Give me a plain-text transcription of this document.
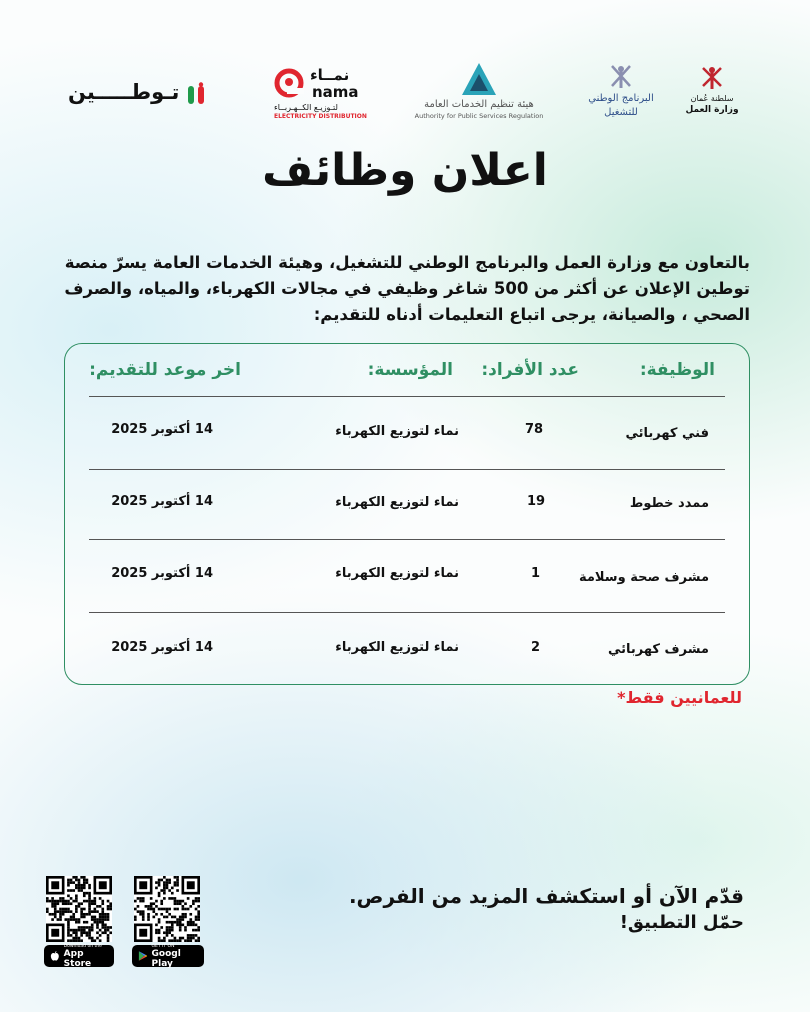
تـوطـــــين
نمــاء
nama
لتـوزيـع الكــهـربــاء
ELECTRICITY DISTRIBUTION
هيئة تنظيم الخدمات العامة
Authority for Public Services Regulation
البرنامج الوطني
للتشغيل
سلطنة عُمان
وزارة العمل
اعلان وظائف
بالتعاون مع وزارة العمل والبرنامج الوطني للتشغيل، وهيئة الخدمات العامة يسرّ منصة توطين الإعلان عن أكثر من 500 شاغر وظيفي في مجالات الكهرباء، والمياه، والصرف الصحي ، والصيانة، يرجى اتباع التعليمات أدناه للتقديم:
الوظيفة:
عدد الأفراد:
المؤسسة:
اخر موعد للتقديم:
فني كهربائي
78
نماء لتوزيع الكهرباء
14 أكتوبر 2025
ممدد خطوط
19
نماء لتوزيع الكهرباء
14 أكتوبر 2025
مشرف صحة وسلامة
1
نماء لتوزيع الكهرباء
14 أكتوبر 2025
مشرف كهربائي
2
نماء لتوزيع الكهرباء
14 أكتوبر 2025
للعمانيين فقط*
قدّم الآن أو استكشف المزيد من الفرص.
حمّل التطبيق!
Download on the
App Store
GET IT ON
Googl Play
